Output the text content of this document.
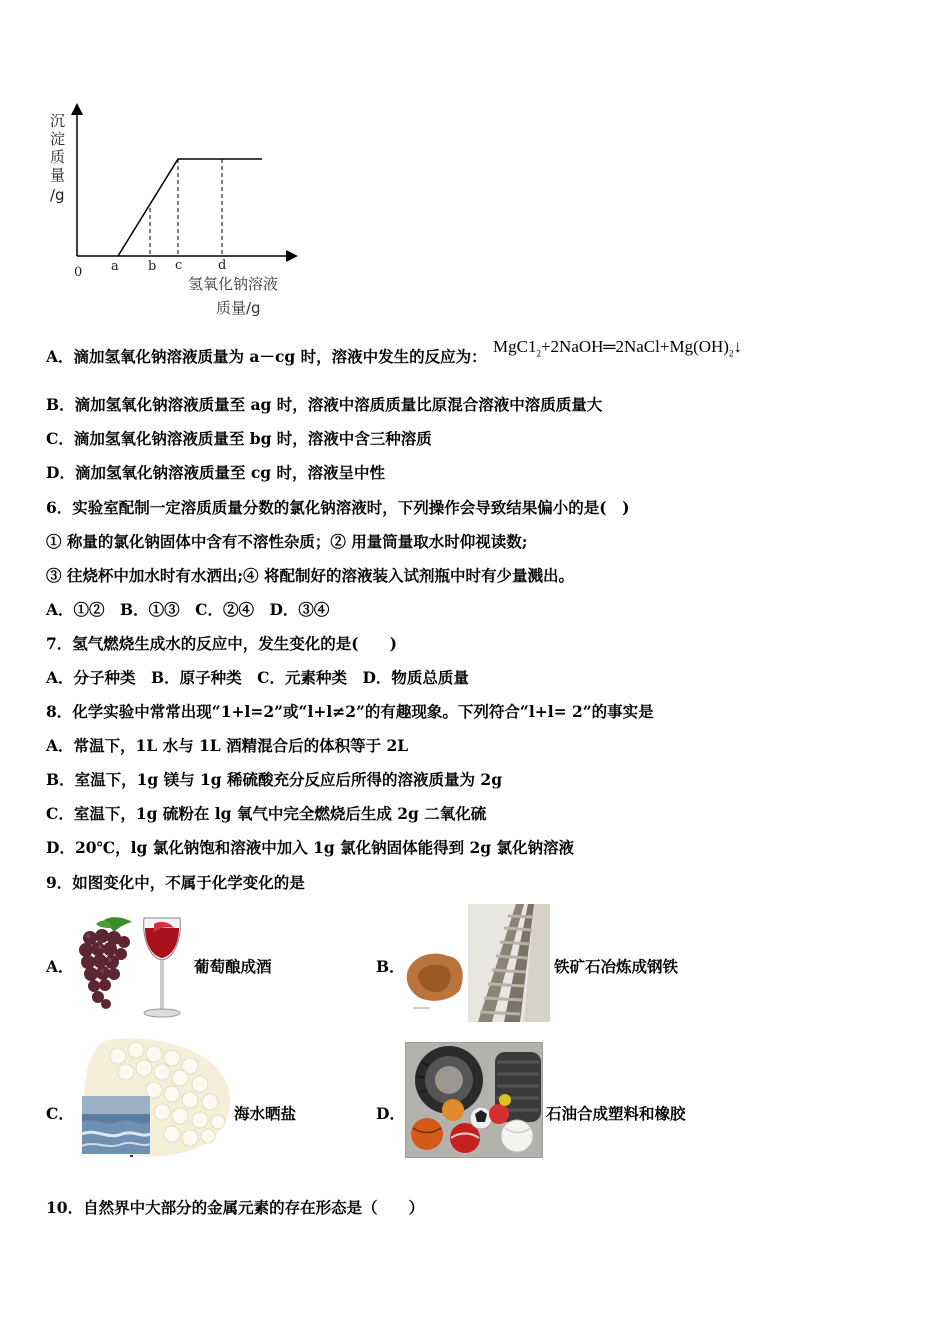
沉
淀
质
量
/g
0 a b c	d
氢氧化钠溶液
质量/g
A．滴加氢氧化钠溶液质量为 a－cg 时，溶液中发生的反应为：
$MgC1_2+2NaOH═2NaCl+Mg(OH)_2↓$
B．滴加氢氧化钠溶液质量至 ag 时，溶液中溶质质量比原混合溶液中溶质质量大
C．滴加氢氧化钠溶液质量至 bg 时，溶液中含三种溶质
D．滴加氢氧化钠溶液质量至 cg 时，溶液呈中性
6．实验室配制一定溶质质量分数的氯化钠溶液时，下列操作会导致结果偏小的是(　)
① 称量的氯化钠固体中含有不溶性杂质；② 用量筒量取水时仰视读数;
③ 往烧杯中加水时有水洒出;④ 将配制好的溶液装入试剂瓶中时有少量溅出。
A．①②　B．①③　C．②④　D．③④
7．氢气燃烧生成水的反应中，发生变化的是(　　)
A．分子种类　B．原子种类　C．元素种类　D．物质总质量
8．化学实验中常常出现“1+l=2”或“l+l≠2”的有趣现象。下列符合“l+l= 2”的事实是
A．常温下，1L 水与 1L 酒精混合后的体积等于 2L
B．室温下，1g 镁与 1g 稀硫酸充分反应后所得的溶液质量为 2g
C．室温下，1g 硫粉在 lg 氧气中完全燃烧后生成 2g 二氧化硫
D．20℃，lg 氯化钠饱和溶液中加入 1g 氯化钠固体能得到 2g 氯化钠溶液
9．如图变化中，不属于化学变化的是
A．	葡萄酿成酒	B．	铁矿石冶炼成钢铁
C．	海水晒盐	D．	石油合成塑料和橡胶
10．自然界中大部分的金属元素的存在形态是（　　）
